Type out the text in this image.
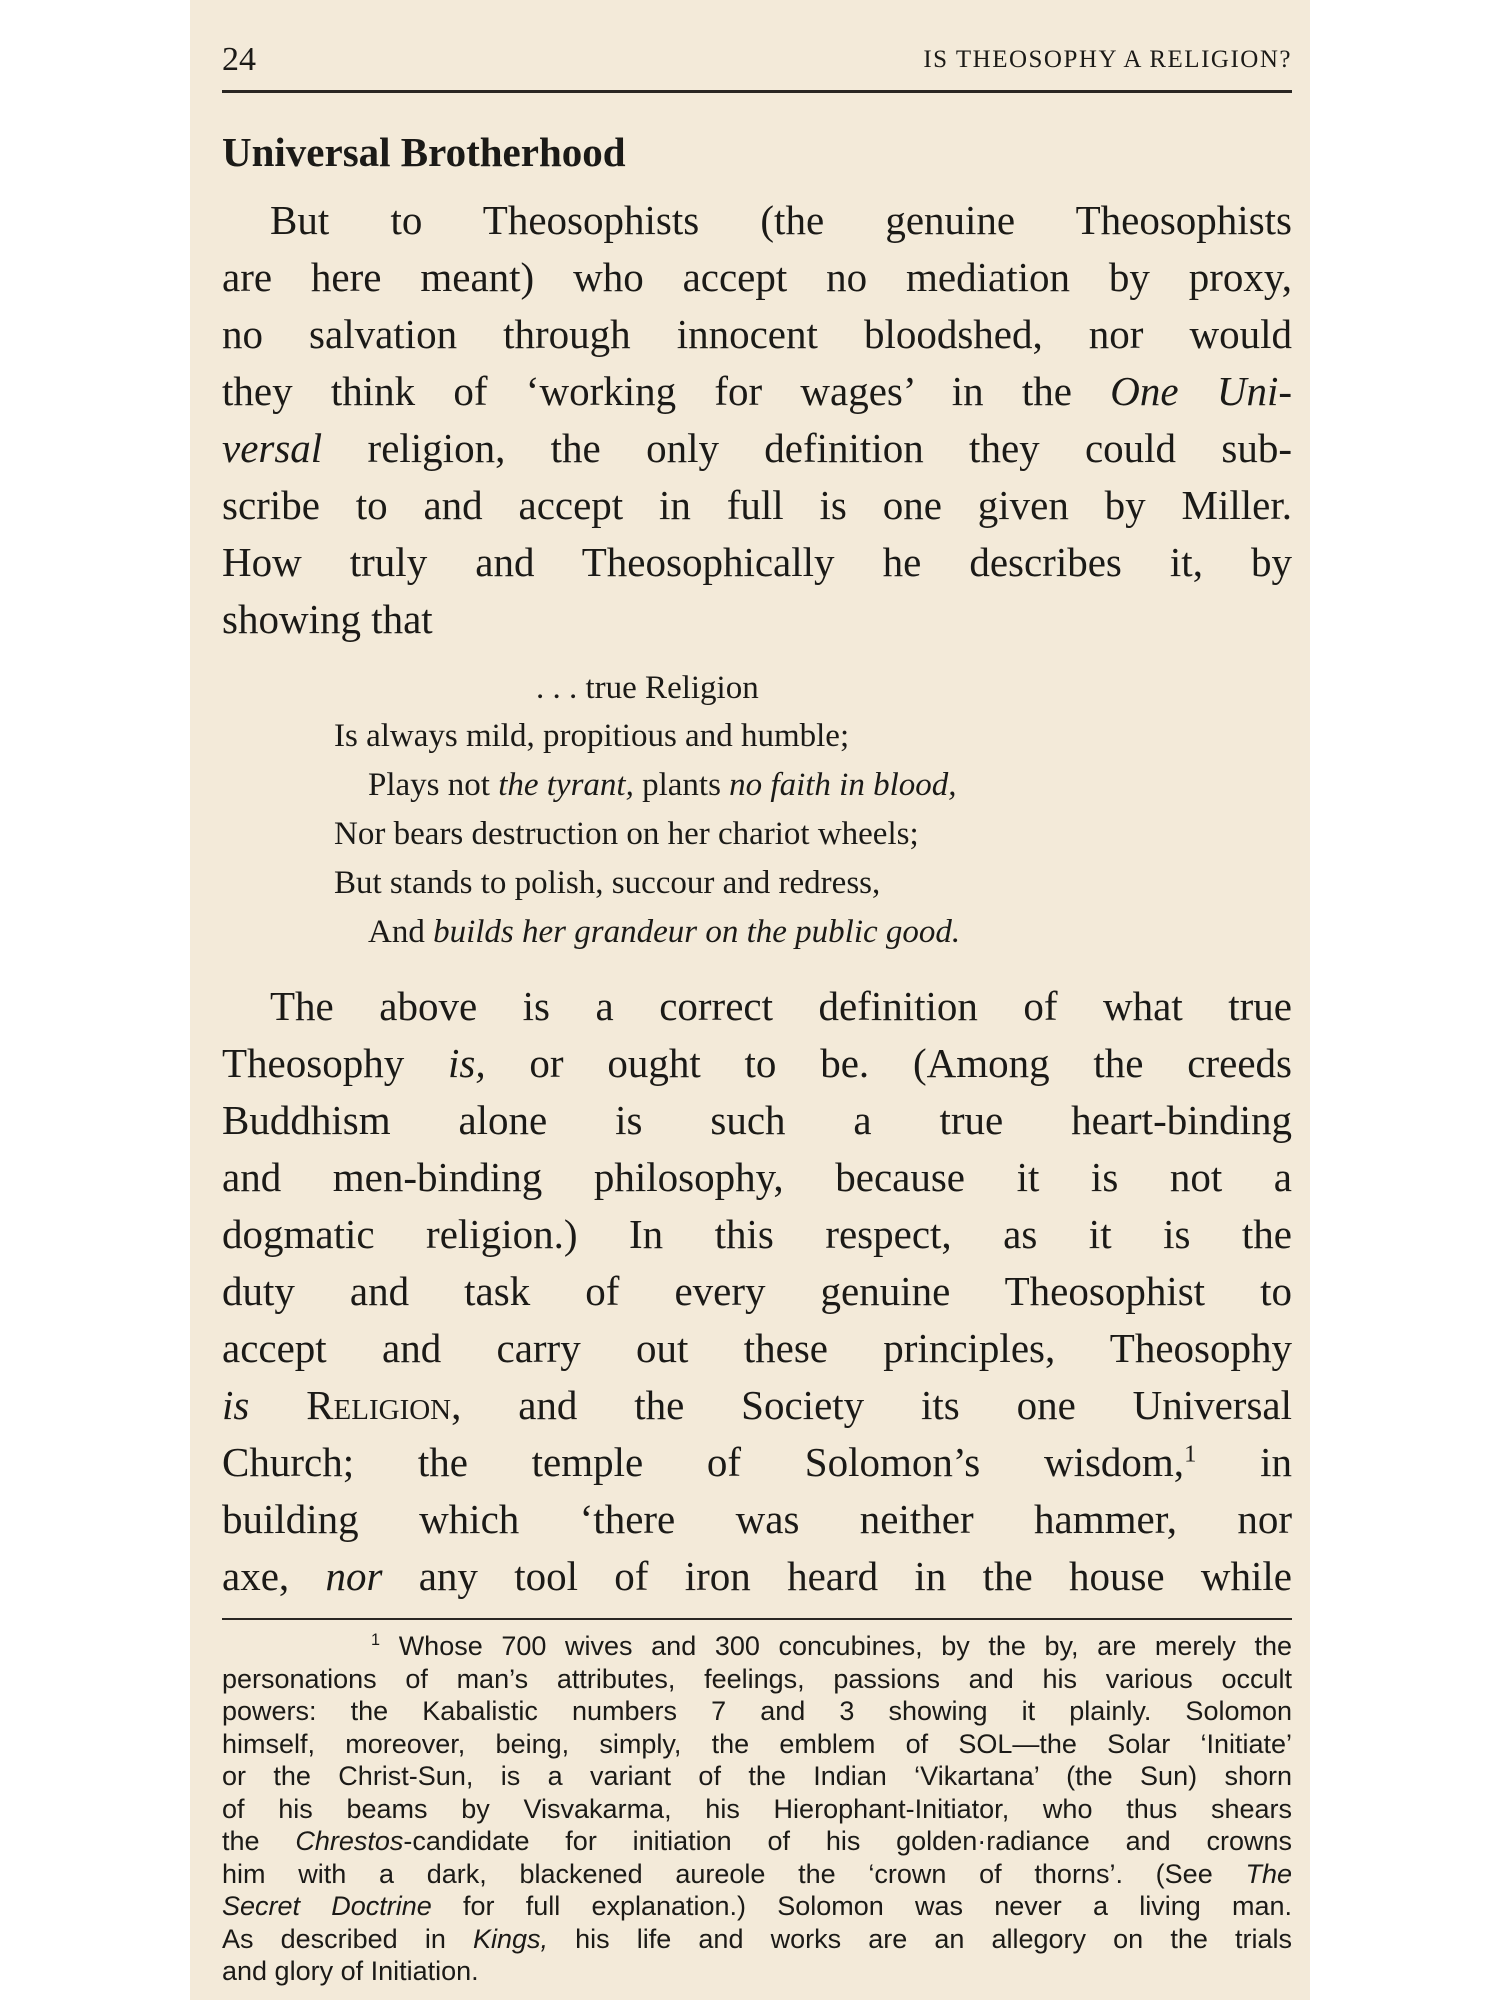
24	IS THEOSOPHY A RELIGION?
Universal Brotherhood
But to Theosophists (the genuine Theosophists
are here meant) who accept no mediation by proxy,
no salvation through innocent bloodshed, nor would
they think of ‘working for wages’ in the One Uni-
versal religion, the only definition they could sub-
scribe to and accept in full is one given by Miller.
How truly and Theosophically he describes it, by
showing that
. . . true Religion
Is always mild, propitious and humble;
Plays not the tyrant, plants no faith in blood,
Nor bears destruction on her chariot wheels;
But stands to polish, succour and redress,
And builds her grandeur on the public good.
The above is a correct definition of what true
Theosophy is, or ought to be. (Among the creeds
Buddhism alone is such a true heart-binding
and men-binding philosophy, because it is not a
dogmatic religion.) In this respect, as it is the
duty and task of every genuine Theosophist to
accept and carry out these principles, Theosophy
is Religion, and the Society its one Universal
Church; the temple of Solomon’s wisdom,$^1$ in
building which ‘there was neither hammer, nor
axe, nor any tool of iron heard in the house while
$^1$ Whose 700 wives and 300 concubines, by the by, are merely the
personations of man’s attributes, feelings, passions and his various occult
powers: the Kabalistic numbers 7 and 3 showing it plainly. Solomon
himself, moreover, being, simply, the emblem of SOL—the Solar ‘Initiate’
or the Christ-Sun, is a variant of the Indian ‘Vikartana’ (the Sun) shorn
of his beams by Visvakarma, his Hierophant-Initiator, who thus shears
the Chrestos-candidate for initiation of his golden·radiance and crowns
him with a dark, blackened aureole the ‘crown of thorns’. (See The
Secret Doctrine for full explanation.) Solomon was never a living man.
As described in Kings, his life and works are an allegory on the trials
and glory of Initiation.
